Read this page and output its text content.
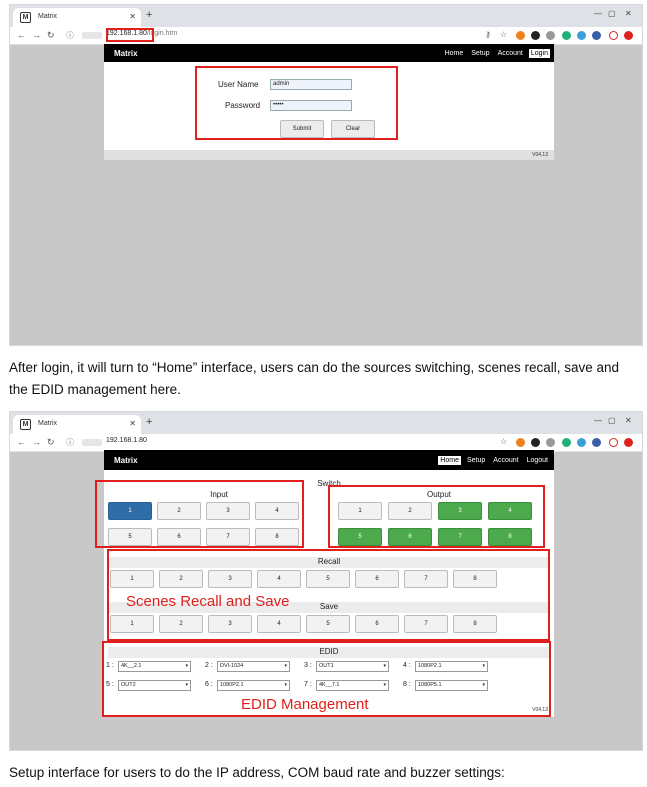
M	Matrix	✕ +	— ▢ ✕
← → ↻ ⓘ	192.168.1.80/login.htm	⚷ ☆
Matrix	Home Setup Account Login
User Name	admin
Password	•••••
Submit	Clear
V04.13

After login, it will turn to “Home” interface, users can do the sources switching, scenes recall, save and the EDID management here.

M	Matrix	✕ +	— ▢ ✕
← → ↻ ⓘ	192.168.1.80	☆
Matrix	Home Setup Account Logout
Switch
Input	Output
1	2	3	4
5	6	7	8
1	2	3	4
5	6	7	8
Recall
1	2	3	4	5	6	7	8
Save
1	2	3	4	5	6	7	8
EDID
1 :	4K__2.1	▾ 2 :	DVI-1024	▾ 3 :	OUT1	▾ 4 :	1080P2.1	▾
5 :	OUT2	▾ 6 :	1080P2.1	▾ 7 :	4K__7.1	▾ 8 :	1080P5.1	▾
V04.13
Scenes Recall and Save
EDID Management

Setup interface for users to do the IP address, COM baud rate and buzzer settings:
